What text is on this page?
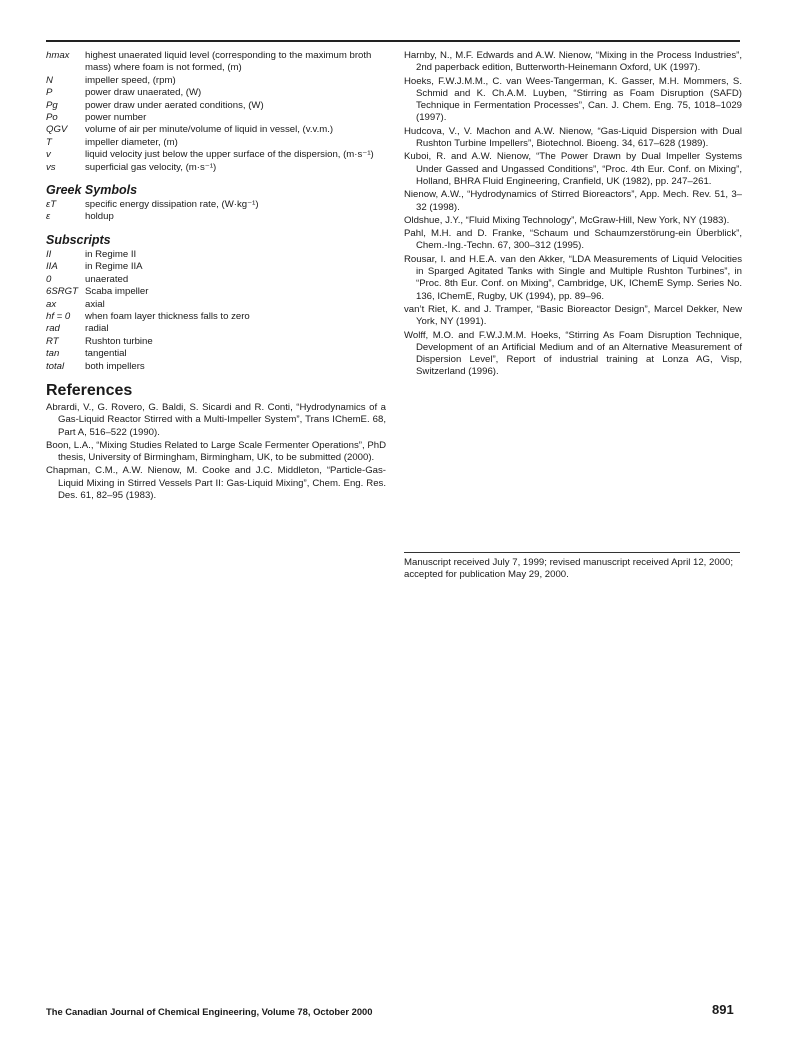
hmax	highest unaerated liquid level (corresponding to the maximum broth mass) where foam is not formed, (m)
N	impeller speed, (rpm)
P	power draw unaerated, (W)
Pg	power draw under aerated conditions, (W)
Po	power number
QGV	volume of air per minute/volume of liquid in vessel, (v.v.m.)
T	impeller diameter, (m)
v	liquid velocity just below the upper surface of the dispersion, (m·s⁻¹)
vs	superficial gas velocity, (m·s⁻¹)
Greek Symbols
εT	specific energy dissipation rate, (W·kg⁻¹)
ε	holdup
Subscripts
II	in Regime II
IIA	in Regime IIA
0	unaerated
6SRGT Scaba impeller
ax	axial
hf = 0	when foam layer thickness falls to zero
rad	radial
RT	Rushton turbine
tan	tangential
total	both impellers
References

Abrardi, V., G. Rovero, G. Baldi, S. Sicardi and R. Conti, “Hydrodynamics of a Gas-Liquid Reactor Stirred with a Multi-Impeller System”, Trans IChemE. 68, Part A, 516–522 (1990).

Boon, L.A., “Mixing Studies Related to Large Scale Fermenter Operations”, PhD thesis, University of Birmingham, Birmingham, UK, to be submitted (2000).

Chapman, C.M., A.W. Nienow, M. Cooke and J.C. Middleton, “Particle-Gas-Liquid Mixing in Stirred Vessels Part II: Gas-Liquid Mixing”, Chem. Eng. Res. Des. 61, 82–95 (1983).

Harnby, N., M.F. Edwards and A.W. Nienow, “Mixing in the Process Industries”, 2nd paperback edition, Butterworth-Heinemann Oxford, UK (1997).

Hoeks, F.W.J.M.M., C. van Wees-Tangerman, K. Gasser, M.H. Mommers, S. Schmid and K. Ch.A.M. Luyben, “Stirring as Foam Disruption (SAFD) Technique in Fermentation Processes”, Can. J. Chem. Eng. 75, 1018–1029 (1997).

Hudcova, V., V. Machon and A.W. Nienow, “Gas-Liquid Dispersion with Dual Rushton Turbine Impellers”, Biotechnol. Bioeng. 34, 617–628 (1989).

Kuboi, R. and A.W. Nienow, “The Power Drawn by Dual Impeller Systems Under Gassed and Ungassed Conditions”, “Proc. 4th Eur. Conf. on Mixing”, Holland, BHRA Fluid Engineering, Cranfield, UK (1982), pp. 247–261.

Nienow, A.W., “Hydrodynamics of Stirred Bioreactors”, App. Mech. Rev. 51, 3–32 (1998).

Oldshue, J.Y., “Fluid Mixing Technology”, McGraw-Hill, New York, NY (1983).

Pahl, M.H. and D. Franke, “Schaum und Schaumzerstörung-ein Überblick”, Chem.-Ing.-Techn. 67, 300–312 (1995).

Rousar, I. and H.E.A. van den Akker, “LDA Measurements of Liquid Velocities in Sparged Agitated Tanks with Single and Multiple Rushton Turbines”, in “Proc. 8th Eur. Conf. on Mixing”, Cambridge, UK, IChemE Symp. Series No. 136, IChemE, Rugby, UK (1994), pp. 89–96.

van’t Riet, K. and J. Tramper, “Basic Bioreactor Design”, Marcel Dekker, New York, NY (1991).

Wolff, M.O. and F.W.J.M.M. Hoeks, “Stirring As Foam Disruption Technique, Development of an Artificial Medium and of an Alternative Measurement of Dispersion Level”, Report of industrial training at Lonza AG, Visp, Switzerland (1996).

Manuscript received July 7, 1999; revised manuscript received April 12, 2000; accepted for publication May 29, 2000.
The Canadian Journal of Chemical Engineering, Volume 78, October 2000	891
